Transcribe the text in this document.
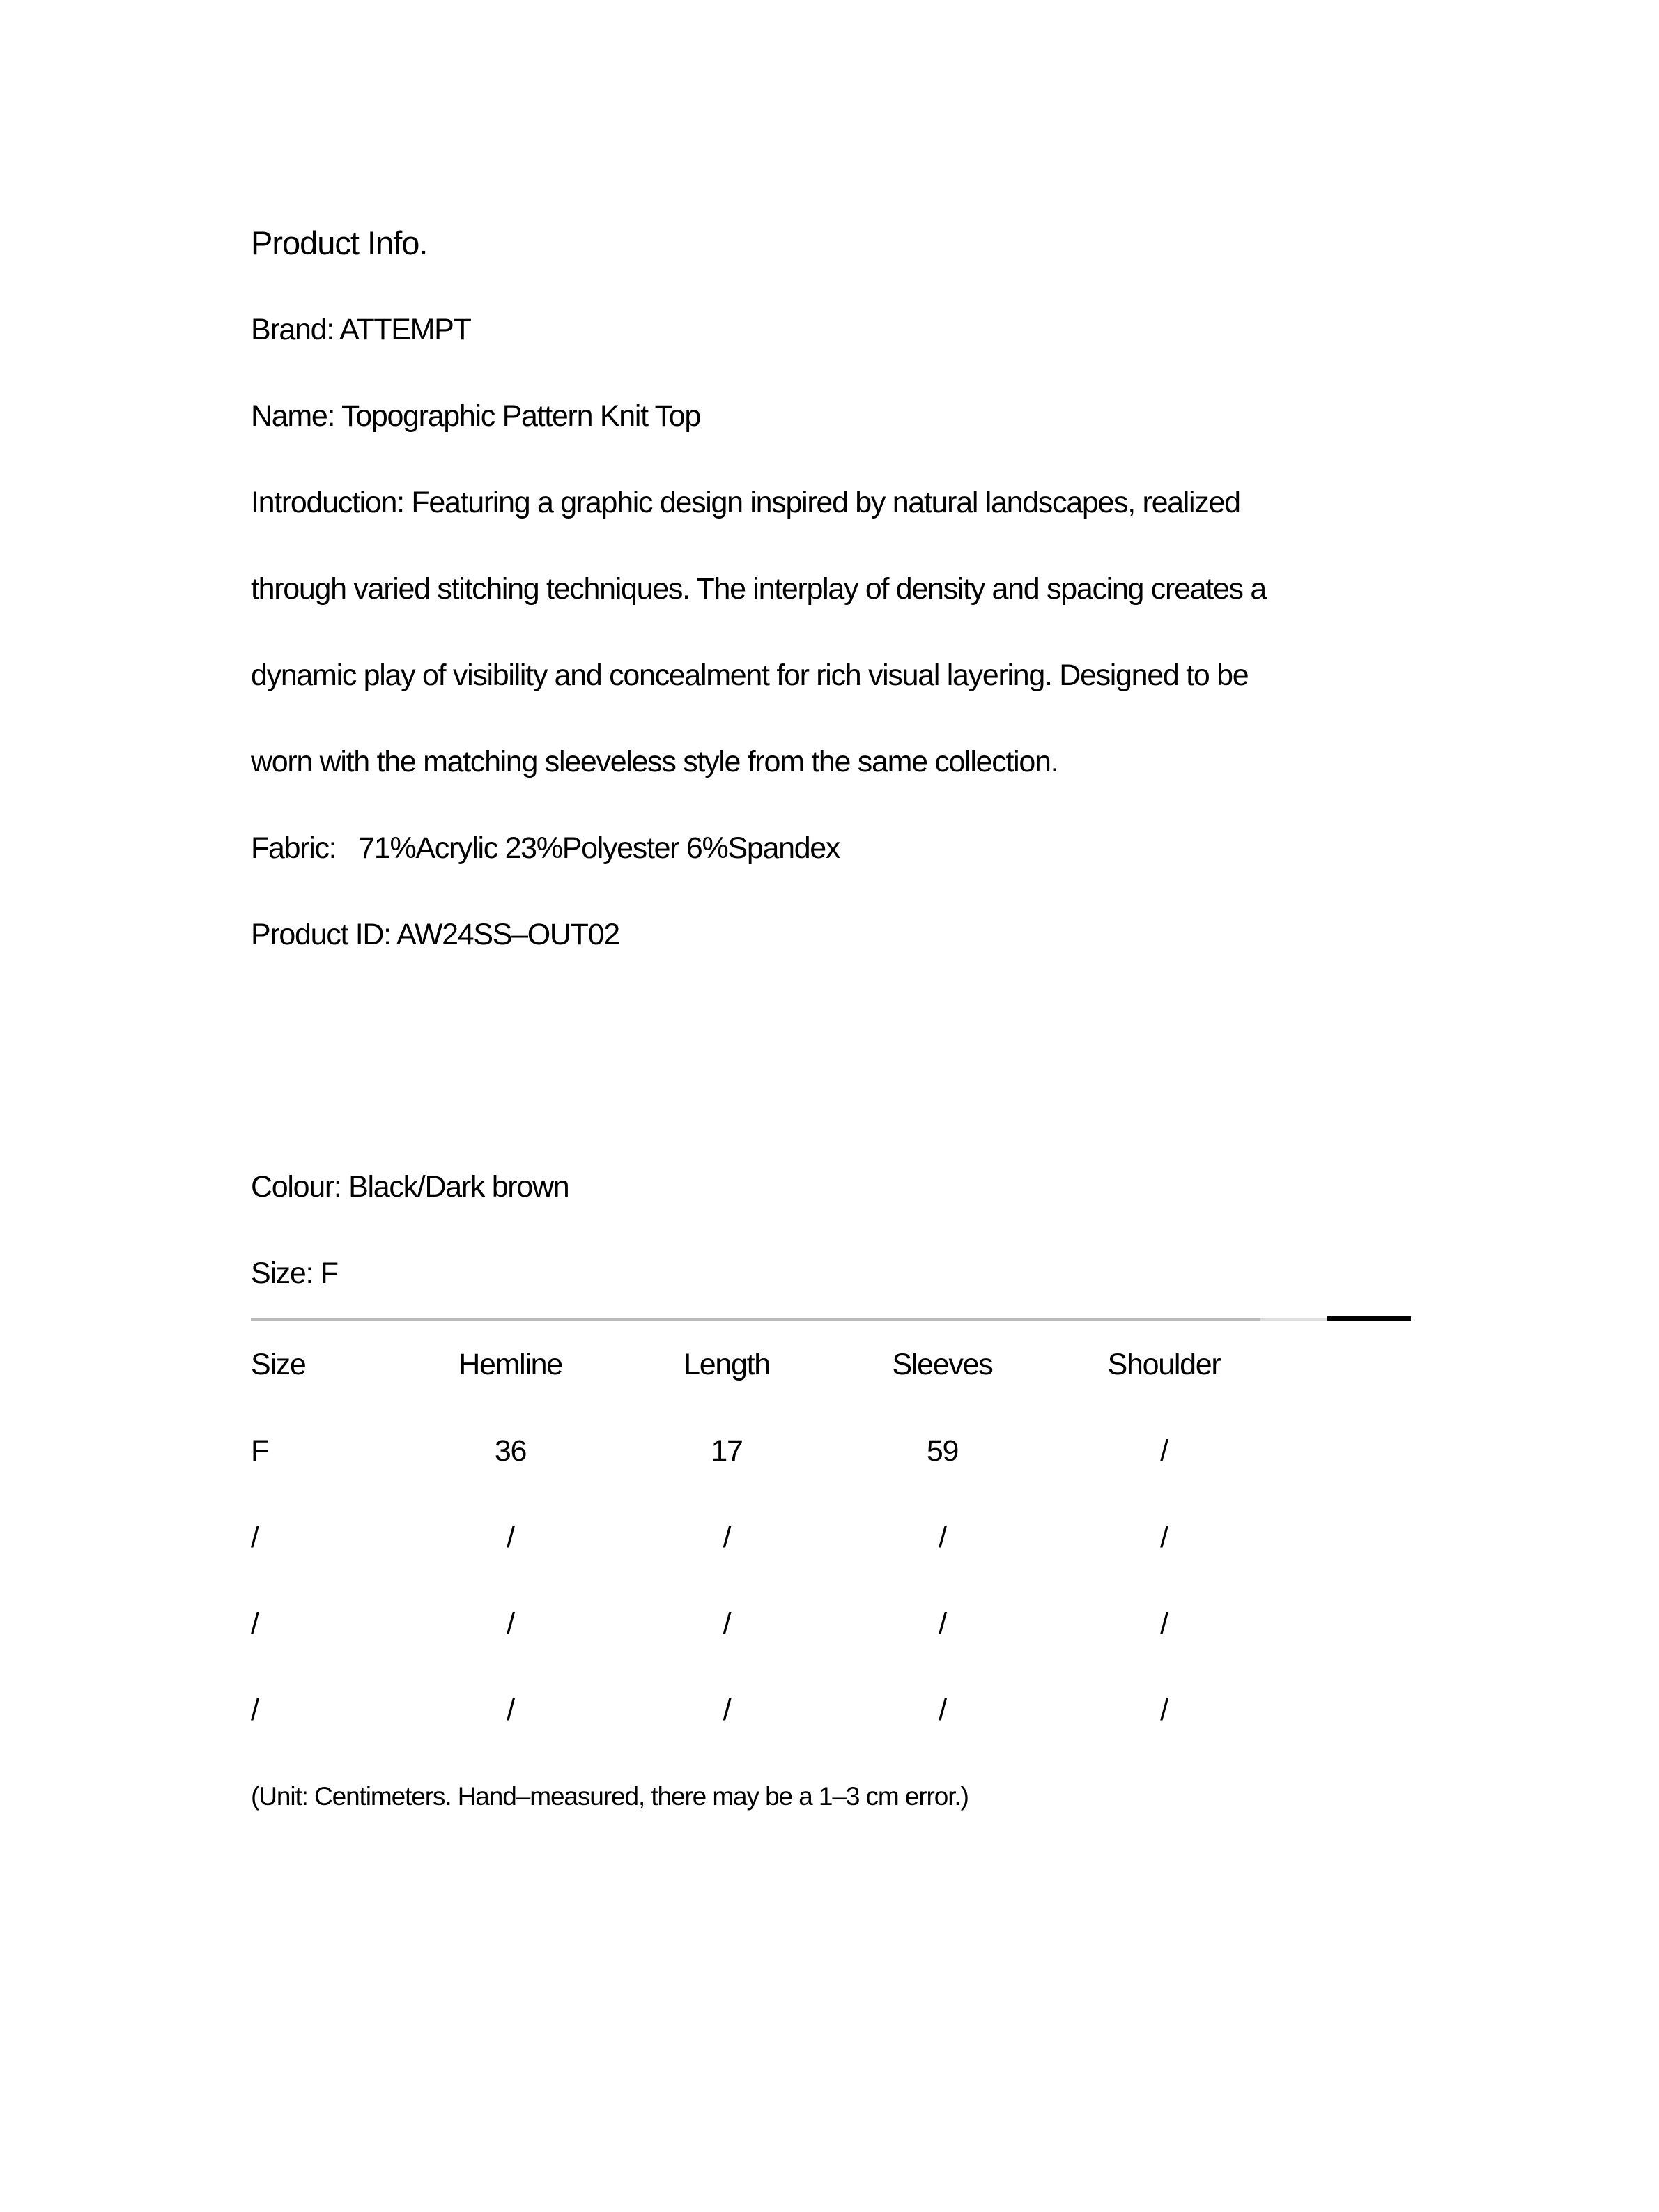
Product Info.
Brand: ATTEMPT
Name: Topographic Pattern Knit Top
Introduction: Featuring a graphic design inspired by natural landscapes, realized
through varied stitching techniques. The interplay of density and spacing creates a
dynamic play of visibility and concealment for rich visual layering. Designed to be
worn with the matching sleeveless style from the same collection.
Fabric:   71%Acrylic 23%Polyester 6%Spandex
Product ID: AW24SS–OUT02
Colour: Black/Dark brown
Size: F
Size	Hemline	Length	Sleeves	Shoulder
F	36	17	59	/
/	/	/	/	/
/	/	/	/	/
/	/	/	/	/
(Unit: Centimeters. Hand–measured, there may be a 1–3 cm error.)
